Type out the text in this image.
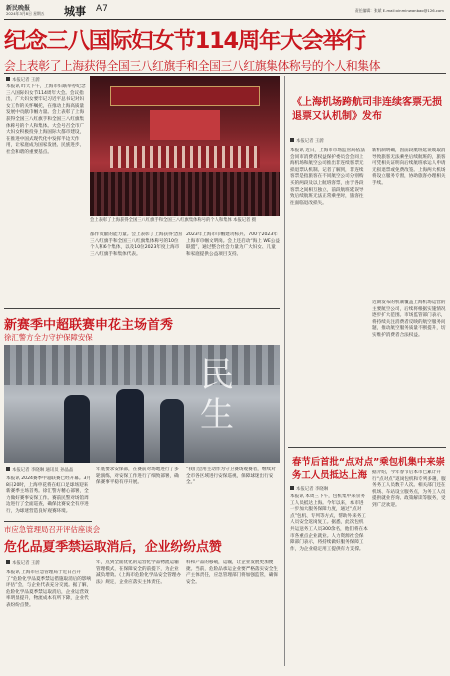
新民晚报
2024年3月8日 星期五 城事 A7	责任编辑：张斌 E-mail:xinminwanbao@126.com
纪念三八国际妇女节114周年大会举行
会上表彰了上海获得全国三八红旗手和全国三八红旗集体称号的个人和集体
本报记者 王蔚
本报讯 昨天下午，上海市妇联举办纪念三八国际妇女节114周年大会。会议指出，广大妇女要牢记习近平总书记对妇女工作的关怀嘱托，在推动上海高质量发展中贡献巾帼力量。会上表彰了上海获得全国三八红旗手和全国三八红旗集体称号的个人和集体。大会号召全市广大妇女积极投身上海国际大都市建设，在推进中国式现代化中发挥半边天作用，让家庭成为国家发展、民族进步、社会和谐的重要基点。
会上表彰了上海获得全国三八红旗手和全国三八红旗集体称号的个人和集体 本报记者 摄
都作贡献的能力量。会上表彰了上海获得全国三八红旗手和全国三八红旗集体称号的10位个人和6个集体，以及10位2023年度上海市三八红旗手和集体代表。
2023年上海市巾帼建功标兵、700个2023年上海市巾帼文明岗。会上还启动“海上 WE公益联盟”，通过整合社会力量为广大妇女、儿童和家庭提供公益项目支持。
《上海机场跨航司非连续客票无损退票又认机制》发布
本报记者 王蔚
本报讯 近日，上海市市场监管局依法会同市消费者权益保护委员会会同上海机场和航空公司推出非连续客票无损退票认机制。记者了解到，非连续客票是指旅客在不同航空公司分别购买的两段及以上航班客票，由于各段客票之间相互独立，前段航班延误导致后续航班无法正常乘坐时，旅客往往面临退改损失。
新机制明确，因前段航班延误或取消导致旅客无法乘坐后续航班的，旅客可凭相关证明向后续航班承运人申请无损退票或免费改签。上海两大机场将设立服务专窗，协助旅客办理相关手续。
近期发布的机制覆盖上海机场运营的主要航空公司，后续将根据实施情况逐步扩大范围。市场监管部门表示，将持续关注消费者反映的航空服务问题，推动航空服务质量不断提升，切实维护消费者合法权益。
春节后首批“点对点”乘包机集中来崇务工人员抵达上海
本报记者 李晓琳
本报讯 本周三下午，包机集中来崇务工人员抵达上海。今年以来，本市进一步加大服务保障力度，通过“点对点”包机、专列等方式，帮助外来务工人员安全返岗复工。据悉，此次包机共运送务工人员300余名，他们将在本市各重点企业就业。人力资源社会保障部门表示，将持续做好服务保障工作，为企业稳定用工提供有力支撑。
据介绍，今年春节后本市已累计开行“点对点”返岗包机和专列多趟，服务务工人员数千人次。相关部门还在机场、车站设立服务点，为务工人员提供就业咨询、政策解读等服务，受到广泛欢迎。
新赛季中超联赛申花主场首秀
徐汇警方全力守护保障安保
民生
本报记者 李晓琳 通讯员 孙晶晶
本报讯 2024赛季中超联赛已经开幕。3月8日20时，上海申花将在虹口足球场迎来新赛季主场首秀。徐汇警方精心部署，全力做好赛事安保工作。赛前民警对场馆周边进行了全面巡查，确保比赛安全有序进行，为球迷营造良好观赛环境。
“我们会用主动作为守卫赛场观赛者，继续对全市各区域进行安保巡视，保障球迷出行安全。”
年底要求安保部，在赛前对场地进行了多轮演练，对安保工作进行了细致部署，确保赛事平稳有序开展。
市应急管理局召开评估座谈会
危化品夏季禁运取消后，企业纷纷点赞
本报记者 王蔚
本报讯 上海市应急管理局于近日召开了“危险化学品夏季禁运措施取消后的影响评估”会，与企业代表充分交流。据了解，危险化学品夏季禁运取消后，企业运营效率明显提升，物流成本有所下降，企业代表纷纷点赞。
年，点到全面优化的运营化学品物流运输管理模式，在保障安全的前提下，为企业减负增效。《上海市危险化学品安全管理办法》规定，企业应落实主体责任。
料和产品的移载，运输，让企业发展更加便捷。当前，危险品承运企业要严格落实安全生产主体责任，应急管理部门将加强监管，确保安全。
